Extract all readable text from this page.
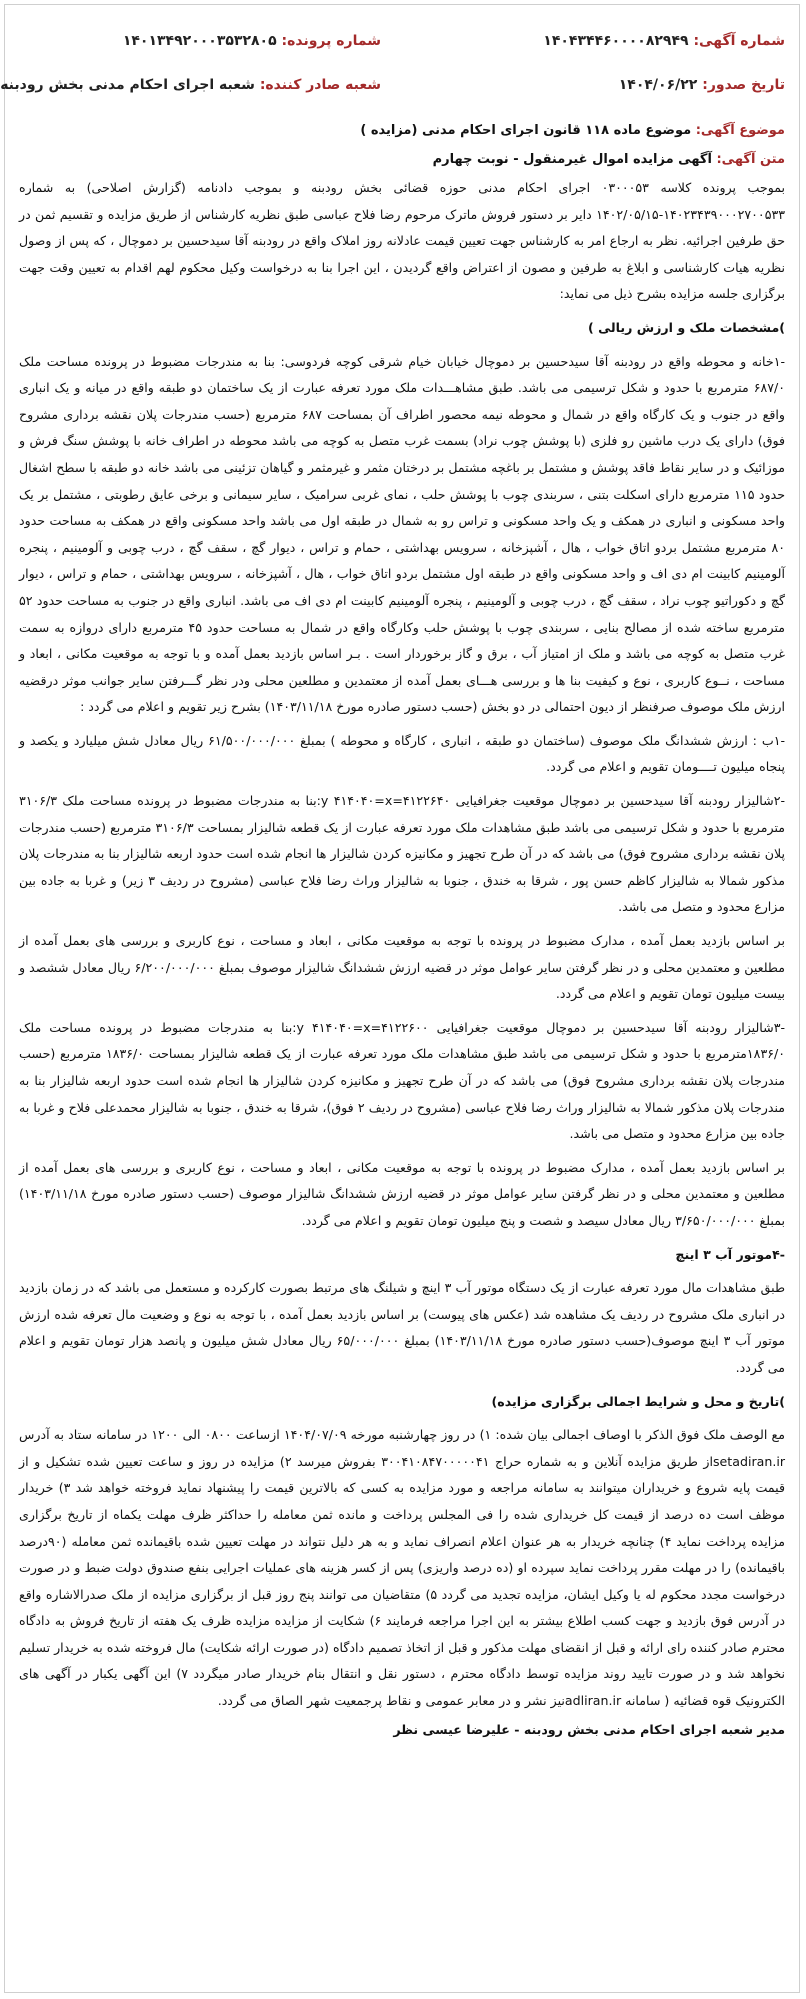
شماره آگهی: ۱۴۰۴۳۴۴۶۰۰۰۰۸۲۹۴۹
تاریخ صدور: ۱۴۰۴/۰۶/۲۲
شماره پرونده: ۱۴۰۱۳۴۹۲۰۰۰۳۵۳۲۸۰۵
شعبه صادر کننده: شعبه اجرای احکام مدنی بخش رودبنه
موضوع آگهی: موضوع ماده ۱۱۸ قانون اجرای احکام مدنی (مزایده )
متن آگهی: آگهی مزایده اموال غیرمنقول - نوبت چهارم

بموجب پرونده کلاسه ۰۳۰۰۰۵۳ اجرای احکام مدنی حوزه قضائی بخش رودبنه و بموجب دادنامه (گزارش اصلاحی) به شماره ۱۴۰۲۳۴۳۹۰۰۰۲۷۰۰۵۳۳-۱۴۰۲/۰۵/۱۵ دایر بر دستور فروش ماترک مرحوم رضا فلاح عباسی طبق نظریه کارشناس از طریق مزایده و تقسیم ثمن در حق طرفین اجرائیه. نظر به ارجاع امر به کارشناس جهت تعیین قیمت عادلانه روز املاک واقع در رودبنه آقا سیدحسین بر دموچال ، که پس از وصول نظریه هیات کارشناسی و ابلاغ به طرفین و مصون از اعتراض واقع گردیدن ، این اجرا بنا به درخواست وکیل محکوم لهم اقدام به تعیین وقت جهت برگزاری جلسه مزایده بشرح ذیل می نماید:

)مشخصات ملک و ارزش ریالی )

-۱خانه و محوطه واقع در رودبنه آقا سیدحسین بر دموچال خیابان خیام شرقی کوچه فردوسی: بنا به مندرجات مضبوط در پرونده مساحت ملک ۶۸۷/۰ مترمربع با حدود و شکل ترسیمی می باشد. طبق مشاهـــدات ملک مورد تعرفه عبارت از یک ساختمان دو طبقه واقع در میانه و یک انباری واقع در جنوب و یک کارگاه واقع در شمال و محوطه نیمه محصور اطراف آن بمساحت ۶۸۷ مترمربع (حسب مندرجات پلان نقشه برداری مشروح فوق) دارای یک درب ماشین رو فلزی (با پوشش چوب نراد) بسمت غرب متصل به کوچه می باشد محوطه در اطراف خانه با پوشش سنگ فرش و موزائیک و در سایر نقاط فاقد پوشش و مشتمل بر باغچه مشتمل بر درختان مثمر و غیرمثمر و گیاهان تزئینی می باشد خانه دو طبقه با سطح اشغال حدود ۱۱۵ مترمربع دارای اسکلت بتنی ، سربندی چوب با پوشش حلب ، نمای غربی سرامیک ، سایر سیمانی و برخی عایق رطوبتی ، مشتمل بر یک واحد مسکونی و انباری در همکف و یک واحد مسکونی و تراس رو به شمال در طبقه اول می باشد واحد مسکونی واقع در همکف به مساحت حدود ۸۰ مترمربع مشتمل بردو اتاق خواب ، هال ، آشپزخانه ، سرویس بهداشتی ، حمام و تراس ، دیوار گچ ، سقف گچ ، درب چوبی و آلومینیم ، پنجره آلومینیم کابینت ام دی اف و واحد مسکونی واقع در طبقه اول مشتمل بردو اتاق خواب ، هال ، آشپزخانه ، سرویس بهداشتی ، حمام و تراس ، دیوار گچ و دکوراتیو چوب نراد ، سقف گچ ، درب چوبی و آلومینیم ، پنجره آلومینیم کابینت ام دی اف می باشد. انباری واقع در جنوب به مساحت حدود ۵۲ مترمربع ساخته شده از مصالح بنایی ، سربندی چوب با پوشش حلب وکارگاه واقع در شمال به مساحت حدود ۴۵ مترمربع دارای دروازه به سمت غرب متصل به کوچه می باشد و ملک از امتیاز آب ، برق و گاز برخوردار است . بـر اساس بازدید بعمل آمده و با توجه به موقعیت مکانی ، ابعاد و مساحت ، نــوع کاربری ، نوع و کیفیت بنا ها و بررسی هـــای بعمل آمده از معتمدین و مطلعین محلی ودر نظر گـــرفتن سایر جوانب موثر درقضیه ارزش ملک موصوف صرفنظر از دیون احتمالی در دو بخش (حسب دستور صادره مورخ ۱۴۰۳/۱۱/۱۸) بشرح زیر تقویم و اعلام می گردد :

-۱ب : ارزش ششدانگ ملک موصوف (ساختمان دو طبقه ، انباری ، کارگاه و محوطه ) بمبلغ ۶۱/۵۰۰/۰۰۰/۰۰۰ ریال معادل شش میلیارد و یکصد و پنجاه میلیون تــــومان تقویم و اعلام می گردد.

-۲شالیزار رودبنه آقا سیدحسین بر دموچال موقعیت جغرافیایی ۴۱۲۲۶۴۰=y ۴۱۴۰۴۰=x:بنا به مندرجات مضبوط در پرونده مساحت ملک ۳۱۰۶/۳ مترمربع با حدود و شکل ترسیمی می باشد طبق مشاهدات ملک مورد تعرفه عبارت از یک قطعه شالیزار بمساحت ۳۱۰۶/۳ مترمربع (حسب مندرجات پلان نقشه برداری مشروح فوق) می باشد که در آن طرح تجهیز و مکانیزه کردن شالیزار ها انجام شده است حدود اربعه شالیزار بنا به مندرجات پلان مذکور شمالا به شالیزار کاظم حسن پور ، شرقا به خندق ، جنوبا به شالیزار وراث رضا فلاح عباسی (مشروح در ردیف ۳ زیر) و غربا به جاده بین مزارع محدود و متصل می باشد.

بر اساس بازدید بعمل آمده ، مدارک مضبوط در پرونده با توجه به موقعیت مکانی ، ابعاد و مساحت ، نوع کاربری و بررسی های بعمل آمده از مطلعین و معتمدین محلی و در نظر گرفتن سایر عوامل موثر در قضیه ارزش ششدانگ شالیزار موصوف بمبلغ ۶/۲۰۰/۰۰۰/۰۰۰ ریال معادل ششصد و بیست میلیون تومان تقویم و اعلام می گردد.

-۳شالیزار رودبنه آقا سیدحسین بر دموچال موقعیت جغرافیایی ۴۱۲۲۶۰۰=y ۴۱۴۰۴۰=x:بنا به مندرجات مضبوط در پرونده مساحت ملک ۱۸۳۶/۰مترمربع با حدود و شکل ترسیمی می باشد طبق مشاهدات ملک مورد تعرفه عبارت از یک قطعه شالیزار بمساحت ۱۸۳۶/۰ مترمربع (حسب مندرجات پلان نقشه برداری مشروح فوق) می باشد که در آن طرح تجهیز و مکانیزه کردن شالیزار ها انجام شده است حدود اربعه شالیزار بنا به مندرجات پلان مذکور شمالا به شالیزار وراث رضا فلاح عباسی (مشروح در ردیف ۲ فوق)، شرقا به خندق ، جنوبا به شالیزار محمدعلی فلاح و غربا به جاده بین مزارع محدود و متصل می باشد.

بر اساس بازدید بعمل آمده ، مدارک مضبوط در پرونده با توجه به موقعیت مکانی ، ابعاد و مساحت ، نوع کاربری و بررسی های بعمل آمده از مطلعین و معتمدین محلی و در نظر گرفتن سایر عوامل موثر در قضیه ارزش ششدانگ شالیزار موصوف (حسب دستور صادره مورخ ۱۴۰۳/۱۱/۱۸) بمبلغ ۳/۶۵۰/۰۰۰/۰۰۰ ریال معادل سیصد و شصت و پنج میلیون تومان تقویم و اعلام می گردد.

-۴موتور آب ۳ اینچ

طبق مشاهدات مال مورد تعرفه عبارت از یک دستگاه موتور آب ۳ اینچ و شیلنگ های مرتبط بصورت کارکرده و مستعمل می باشد که در زمان بازدید در انباری ملک مشروح در ردیف یک مشاهده شد (عکس های پیوست) بر اساس بازدید بعمل آمده ، با توجه به نوع و وضعیت مال تعرفه شده ارزش موتور آب ۳ اینچ موصوف(حسب دستور صادره مورخ ۱۴۰۳/۱۱/۱۸) بمبلغ ۶۵/۰۰۰/۰۰۰ ریال معادل شش میلیون و پانصد هزار تومان تقویم و اعلام می گردد.

)تاریخ و محل و شرایط اجمالی برگزاری مزایده)

مع الوصف ملک فوق الذکر با اوصاف اجمالی بیان شده: ۱) در روز چهارشنبه مورخه ۱۴۰۴/۰۷/۰۹ ازساعت ۰۸۰۰ الی ۱۲۰۰ در سامانه ستاد به آدرس setadiran.irاز طریق مزایده آنلاین و به شماره حراج ۳۰۰۴۱۰۸۴۷۰۰۰۰۰۴۱ بفروش میرسد ۲) مزایده در روز و ساعت تعیین شده تشکیل و از قیمت پایه شروع و خریداران میتوانند به سامانه مراجعه و مورد مزایده به کسی که بالاترین قیمت را پیشنهاد نماید فروخته خواهد شد ۳) خریدار موظف است ده درصد از قیمت کل خریداری شده را فی المجلس پرداخت و مانده ثمن معامله را حداکثر ظرف مهلت یکماه از تاریخ برگزاری مزایده پرداخت نماید ۴) چنانچه خریدار به هر عنوان اعلام انصراف نماید و به هر دلیل نتواند در مهلت تعیین شده باقیمانده ثمن معامله (۹۰درصد باقیمانده) را در مهلت مقرر پرداخت نماید سپرده او (ده درصد واریزی) پس از کسر هزینه های عملیات اجرایی بنفع صندوق دولت ضبط و در صورت درخواست مجدد محکوم له یا وکیل ایشان، مزایده تجدید می گردد ۵) متقاضیان می توانند پنج روز قبل از برگزاری مزایده از ملک صدرالاشاره واقع در آدرس فوق بازدید و جهت کسب اطلاع بیشتر به این اجرا مراجعه فرمایند ۶) شکایت از مزایده مزایده ظرف یک هفته از تاریخ فروش به دادگاه محترم صادر کننده رای ارائه و قبل از انقضای مهلت مذکور و قبل از اتخاذ تصمیم دادگاه (در صورت ارائه شکایت) مال فروخته شده به خریدار تسلیم نخواهد شد و در صورت تایید روند مزایده توسط دادگاه محترم ، دستور نقل و انتقال بنام خریدار صادر میگردد ۷) این آگهی یکبار در آگهی های الکترونیک قوه قضائیه ( سامانه adliran.irنیز نشر و در معابر عمومی و نقاط پرجمعیت شهر الصاق می گردد.

مدیر شعبه اجرای احکام مدنی بخش رودبنه - علیرضا عیسی نظر
